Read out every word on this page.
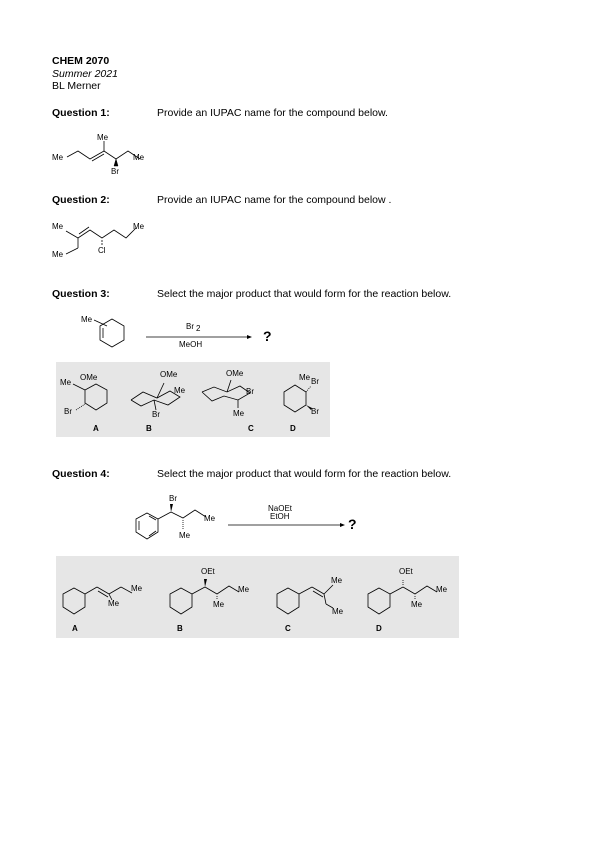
CHEM 2070
Summer 2021
BL Merner
Question 1:	Provide an IUPAC name for the compound below.
Me
Me
Br
Me
Question 2:	Provide an IUPAC name for the compound below .
Me
Me	Cl
Me
Question 3:	Select the major product that would form for the reaction below.
Me
Br 2
MeOH
?
OMe
Me
Br
A
OMe
Me
Br
B
OMe
Br
Me
C
Me Br
Br
D
Question 4:	Select the major product that would form for the reaction below.
Br
Me
Me
NaOEt
EtOH	?
Me
Me
A
OEt
Me
Me
B
Me
Me
C
OEt
Me
Me
D
